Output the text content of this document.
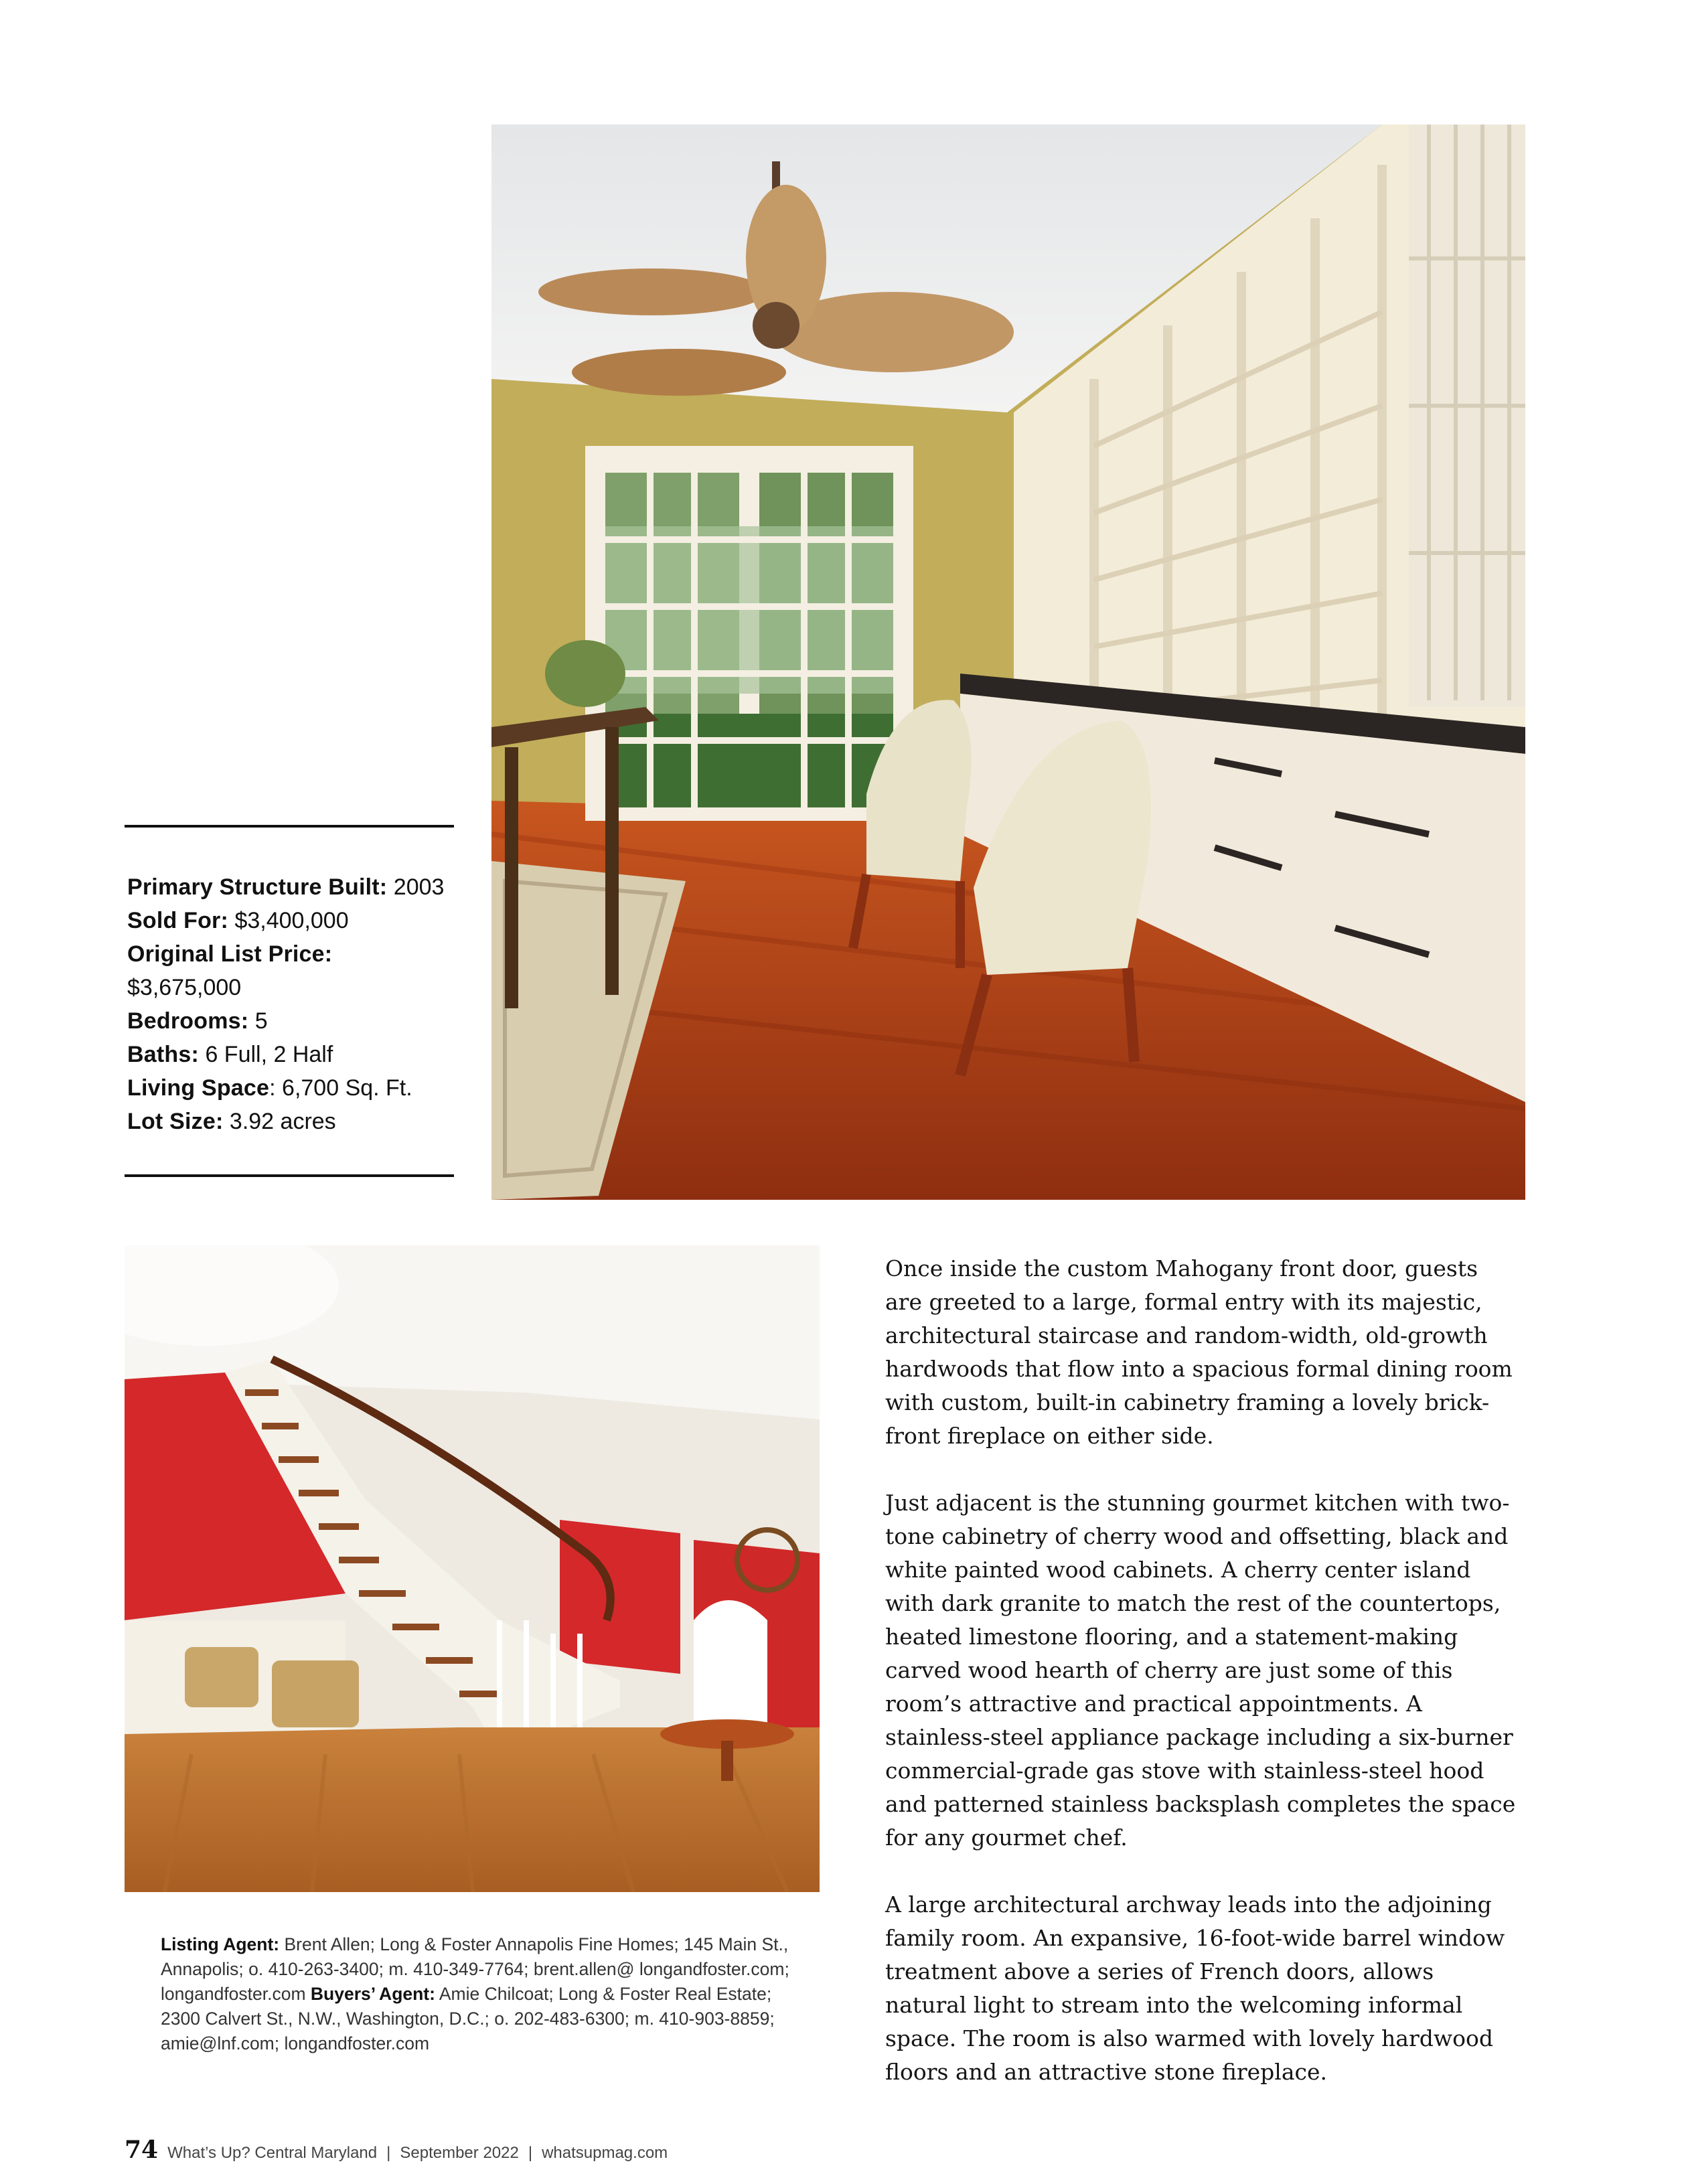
Primary Structure Built: 2003
Sold For: $3,400,000
Original List Price:
$3,675,000
Bedrooms: 5
Baths: 6 Full, 2 Half
Living Space: 6,700 Sq. Ft.
Lot Size: 3.92 acres

Once inside the custom Mahogany front door, guests are greeted to a large, formal entry with its majestic, architectural staircase and random-width, old-growth hardwoods that flow into a spacious formal dining room with custom, built-in cabinetry framing a lovely brick-front fireplace on either side.

Just adjacent is the stunning gourmet kitchen with two-tone cabinetry of cherry wood and offsetting, black and white painted wood cabinets. A cherry center island with dark granite to match the rest of the countertops, heated limestone flooring, and a statement-making carved wood hearth of cherry are just some of this room’s attractive and practical appointments. A stainless-steel appliance package including a six-burner commercial-grade gas stove with stainless-steel hood and patterned stainless backsplash completes the space for any gourmet chef.

A large architectural archway leads into the adjoining family room. An expansive, 16-foot-wide barrel window treatment above a series of French doors, allows natural light to stream into the welcoming informal space. The room is also warmed with lovely hardwood floors and an attractive stone fireplace.

Listing Agent: Brent Allen; Long & Foster Annapolis Fine Homes; 145 Main St., Annapolis; o. 410-263-3400; m. 410-349-7764; brent.allen@ longandfoster.com; longandfoster.com Buyers’ Agent: Amie Chilcoat; Long & Foster Real Estate; 2300 Calvert St., N.W., Washington, D.C.; o. 202-483-6300; m. 410-903-8859; amie@lnf.com; longandfoster.com
74 What’s Up? Central Maryland | September 2022 | whatsupmag.com
